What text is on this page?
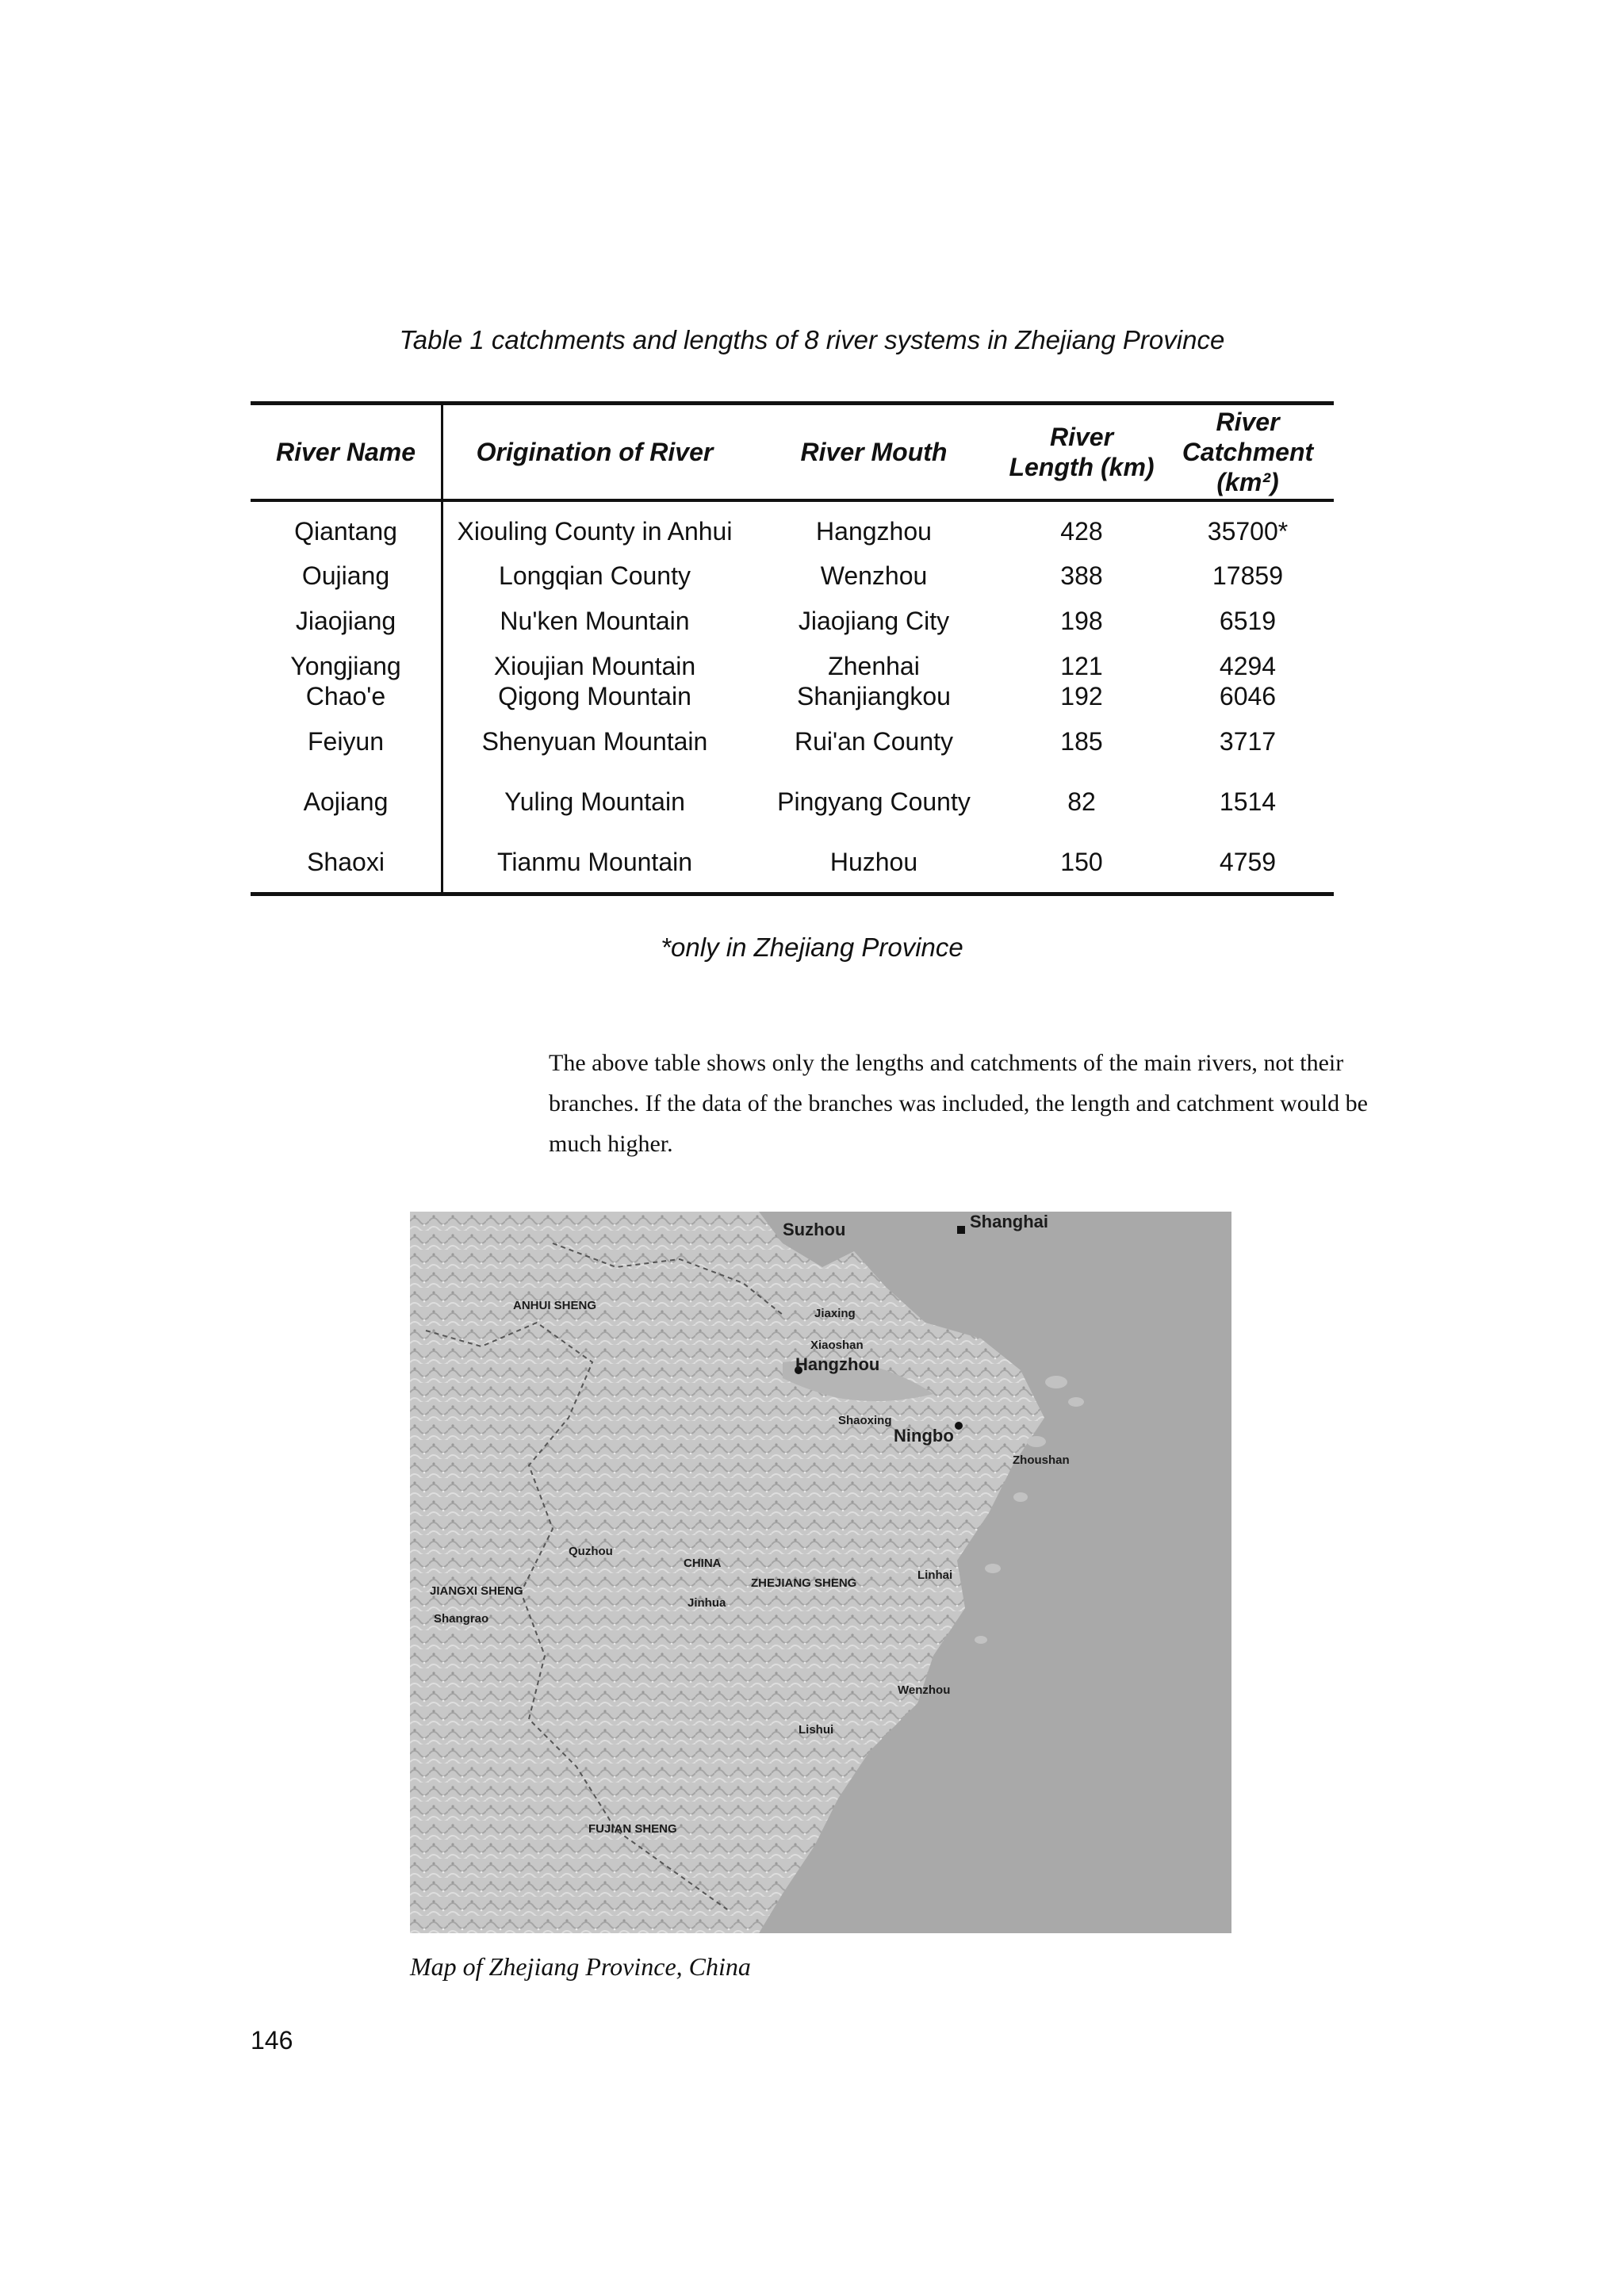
Table 1 catchments and lengths of 8 river systems in Zhejiang Province
River Name	Origination of River	River Mouth	River Length (km)	River Catchment (km²)
Qiantang	Xiouling County in Anhui	Hangzhou	428	35700*
Oujiang	Longqian County	Wenzhou	388	17859
Jiaojiang	Nu'ken Mountain	Jiaojiang City	198	6519
Yongjiang	Xioujian Mountain	Zhenhai	121	4294
Chao'e	Qigong Mountain	Shanjiangkou	192	6046
Feiyun	Shenyuan Mountain	Rui'an County	185	3717
Aojiang	Yuling Mountain	Pingyang County	82	1514
Shaoxi	Tianmu Mountain	Huzhou	150	4759
*only in Zhejiang Province

The above table shows only the lengths and catchments of the main rivers, not their branches. If the data of the branches was included, the length and catchment would be much higher.

Suzhou	Shanghai
Hangzhou
Ningbo
CHINA
ANHUI SHENG
JIANGXI SHENG
ZHEJIANG SHENG
FUJIAN SHENG
Jiaxing
Xiaoshan
Shaoxing
Quzhou
Jinhua
Linhai
Wenzhou
Lishui
Shangrao
Zhoushan
Map of Zhejiang Province, China
146
